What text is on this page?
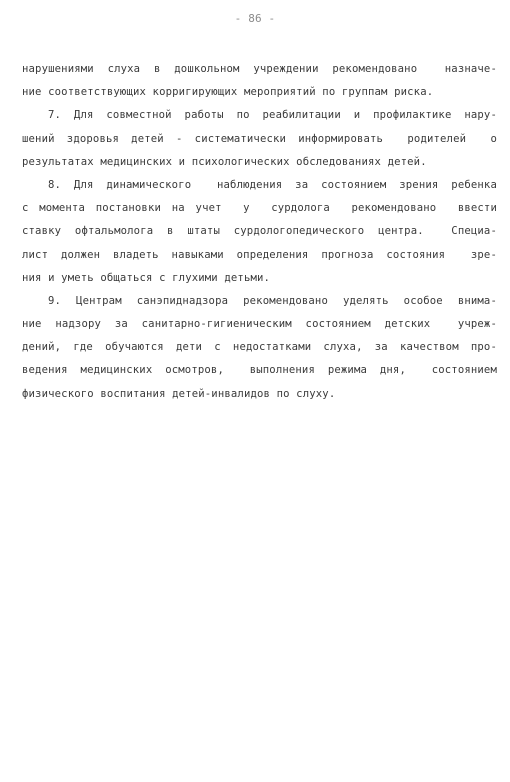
- 86 -
нарушениями слуха в дошкольном учреждении рекомендовано  назначе-
ние соответствующих корригирующих мероприятий по группам риска.
7. Для совместной работы по реабилитации и профилактике нару-
шений здоровья детей - систематически информировать  родителей  о
результатах медицинских и психологических обследованиях детей.
8. Для динамического  наблюдения за состоянием зрения ребенка
с момента постановки на учет  у  сурдолога  рекомендовано  ввести
ставку офтальмолога в штаты сурдологопедического центра.  Специа-
лист должен владеть навыками определения прогноза состояния  зре-
ния и уметь общаться с глухими детьми.
9. Центрам санэпиднадзора рекомендовано уделять особое внима-
ние надзору за санитарно-гигиеническим состоянием детских  учреж-
дений, где обучаются дети с недостатками слуха, за качеством про-
ведения медицинских осмотров,  выполнения режима дня,  состоянием
физического воспитания детей-инвалидов по слуху.
